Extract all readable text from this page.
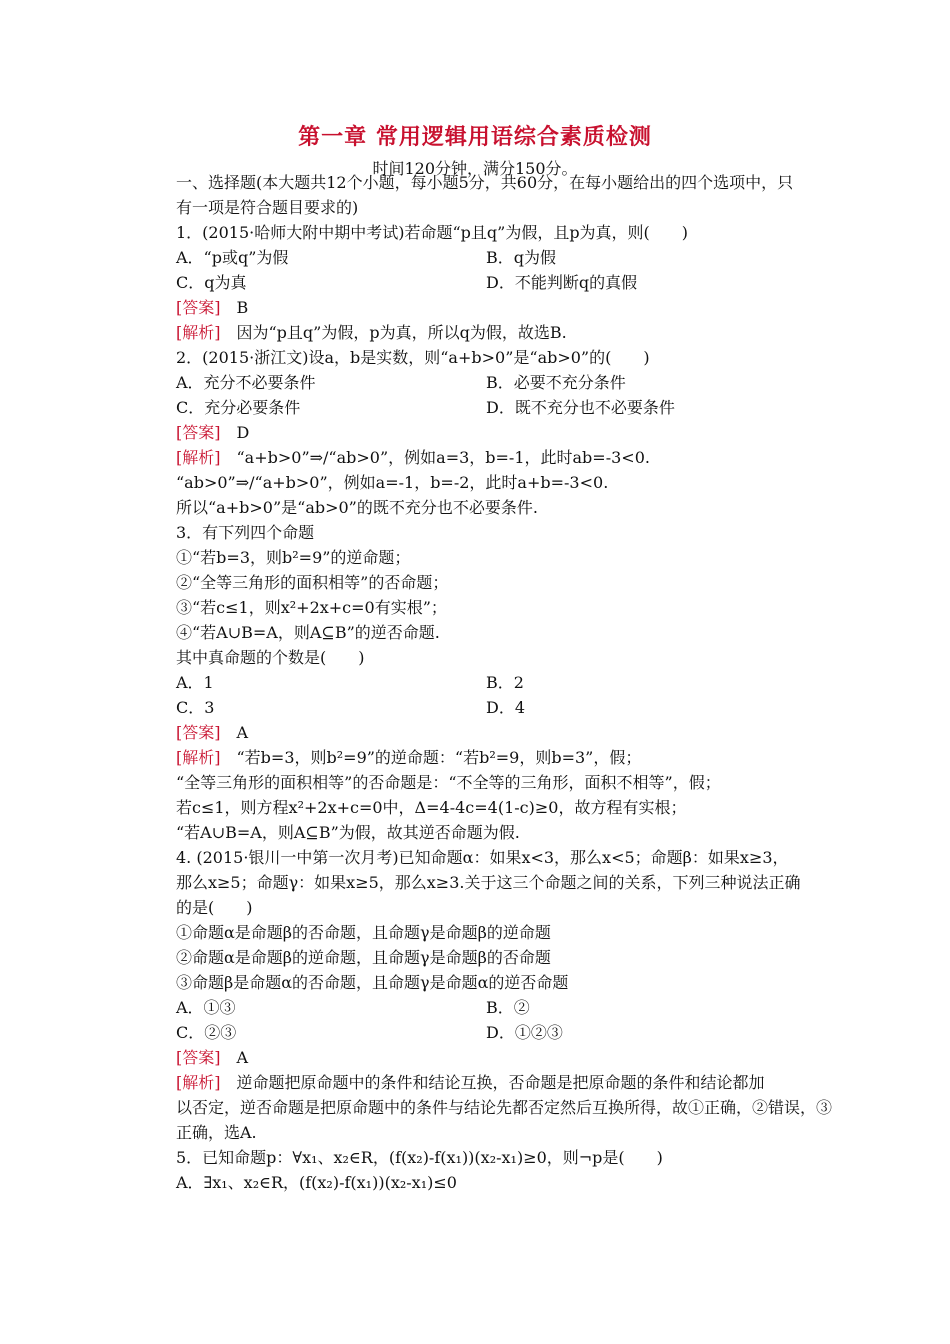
第一章 常用逻辑用语综合素质检测
时间120分钟，满分150分。
一、选择题(本大题共12个小题，每小题5分，共60分，在每小题给出的四个选项中，只
有一项是符合题目要求的)
1．(2015·哈师大附中期中考试)若命题“p且q”为假，且p为真，则(　　)
A．“p或q”为假	B．q为假
C．q为真	D．不能判断q的真假
[答案]　B
[解析]　因为“p且q”为假，p为真，所以q为假，故选B.
2．(2015·浙江文)设a，b是实数，则“a+b>0”是“ab>0”的(　　)
A．充分不必要条件	B．必要不充分条件
C．充分必要条件	D．既不充分也不必要条件
[答案]　D
[解析]　“a+b>0”⇒/“ab>0”，例如a=3，b=-1，此时ab=-3<0.
“ab>0”⇒/“a+b>0”，例如a=-1，b=-2，此时a+b=-3<0.
所以“a+b>0”是“ab>0”的既不充分也不必要条件.
3．有下列四个命题
①“若b=3，则b²=9”的逆命题；
②“全等三角形的面积相等”的否命题；
③“若c≤1，则x²+2x+c=0有实根”；
④“若A∪B=A，则A⊆B”的逆否命题.
其中真命题的个数是(　　)
A．1	B．2
C．3	D．4
[答案]　A
[解析]　“若b=3，则b²=9”的逆命题：“若b²=9，则b=3”，假；
“全等三角形的面积相等”的否命题是：“不全等的三角形，面积不相等”，假；
若c≤1，则方程x²+2x+c=0中，Δ=4-4c=4(1-c)≥0，故方程有实根；
“若A∪B=A，则A⊆B”为假，故其逆否命题为假.
4. (2015·银川一中第一次月考)已知命题α：如果x<3，那么x<5；命题β：如果x≥3，
那么x≥5；命题γ：如果x≥5，那么x≥3.关于这三个命题之间的关系，下列三种说法正确
的是(　　)
①命题α是命题β的否命题，且命题γ是命题β的逆命题
②命题α是命题β的逆命题，且命题γ是命题β的否命题
③命题β是命题α的否命题，且命题γ是命题α的逆否命题
A．①③	B．②
C．②③	D．①②③
[答案]　A
[解析]　逆命题把原命题中的条件和结论互换，否命题是把原命题的条件和结论都加
以否定，逆否命题是把原命题中的条件与结论先都否定然后互换所得，故①正确，②错误，③
正确，选A.
5．已知命题p：∀x₁、x₂∈R，(f(x₂)-f(x₁))(x₂-x₁)≥0，则¬p是(　　)
A．∃x₁、x₂∈R，(f(x₂)-f(x₁))(x₂-x₁)≤0
